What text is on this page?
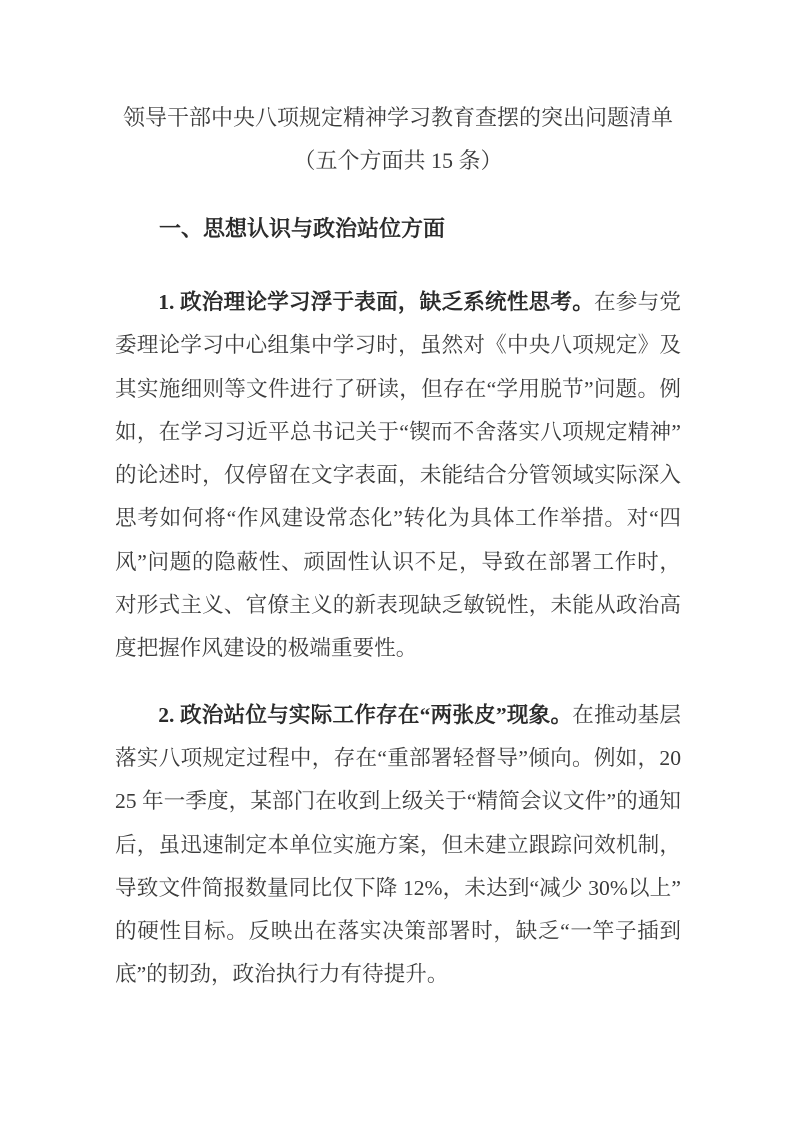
领导干部中央八项规定精神学习教育查摆的突出问题清单
（五个方面共 15 条）
一、思想认识与政治站位方面

1. 政治理论学习浮于表面，缺乏系统性思考。在参与党委理论学习中心组集中学习时，虽然对《中央八项规定》及其实施细则等文件进行了研读，但存在“学用脱节”问题。例如，在学习习近平总书记关于“锲而不舍落实八项规定精神”的论述时，仅停留在文字表面，未能结合分管领域实际深入思考如何将“作风建设常态化”转化为具体工作举措。对“四风”问题的隐蔽性、顽固性认识不足，导致在部署工作时，对形式主义、官僚主义的新表现缺乏敏锐性，未能从政治高度把握作风建设的极端重要性。

2. 政治站位与实际工作存在“两张皮”现象。在推动基层落实八项规定过程中，存在“重部署轻督导”倾向。例如，2025 年一季度，某部门在收到上级关于“精简会议文件”的通知后，虽迅速制定本单位实施方案，但未建立跟踪问效机制，导致文件简报数量同比仅下降 12%，未达到“减少 30%以上”的硬性目标。反映出在落实决策部署时，缺乏“一竿子插到底”的韧劲，政治执行力有待提升。
